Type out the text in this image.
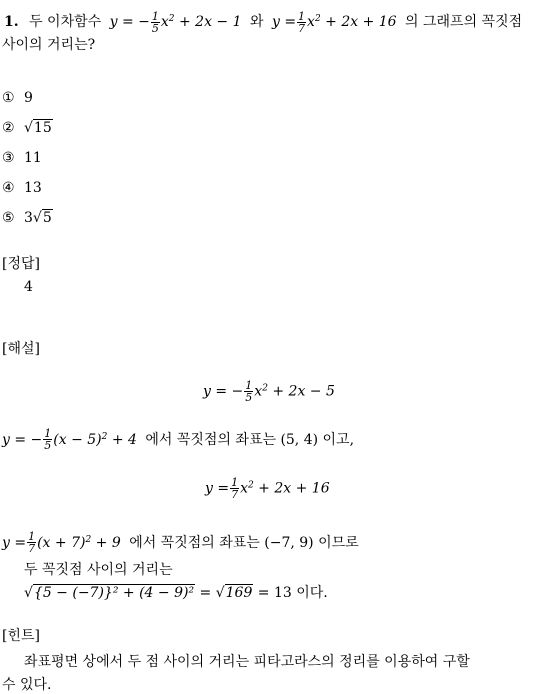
1. 두 이차함수 y = − $\frac{1}{5} x^2 + 2x - 1$ 와 $y = \frac{1}{7} x^2 + 2x + 16$ 의 그래프의 꼭짓점
사이의 거리는?
① 9
② √15
③ 11
④ 13
⑤ 3√5
[정답]
4
[해설]
y = − $\frac{1}{5} x^2 + 2x - 5$
y = − $\frac{1}{5} (x - 5)^2 + 4$ 에서 꼭짓점의 좌표는 (5, 4) 이고,
$y = \frac{1}{7} x^2 + 2x + 16$
$y = \frac{1}{7} (x + 7)^2 + 9$ 에서 꼭짓점의 좌표는 (−7, 9) 이므로
두 꼭짓점 사이의 거리는
√{5 − (−7)}² + (4 − 9)² = √169 = 13 이다.
[힌트]
좌표평면 상에서 두 점 사이의 거리는 피타고라스의 정리를 이용하여 구할
수 있다.
